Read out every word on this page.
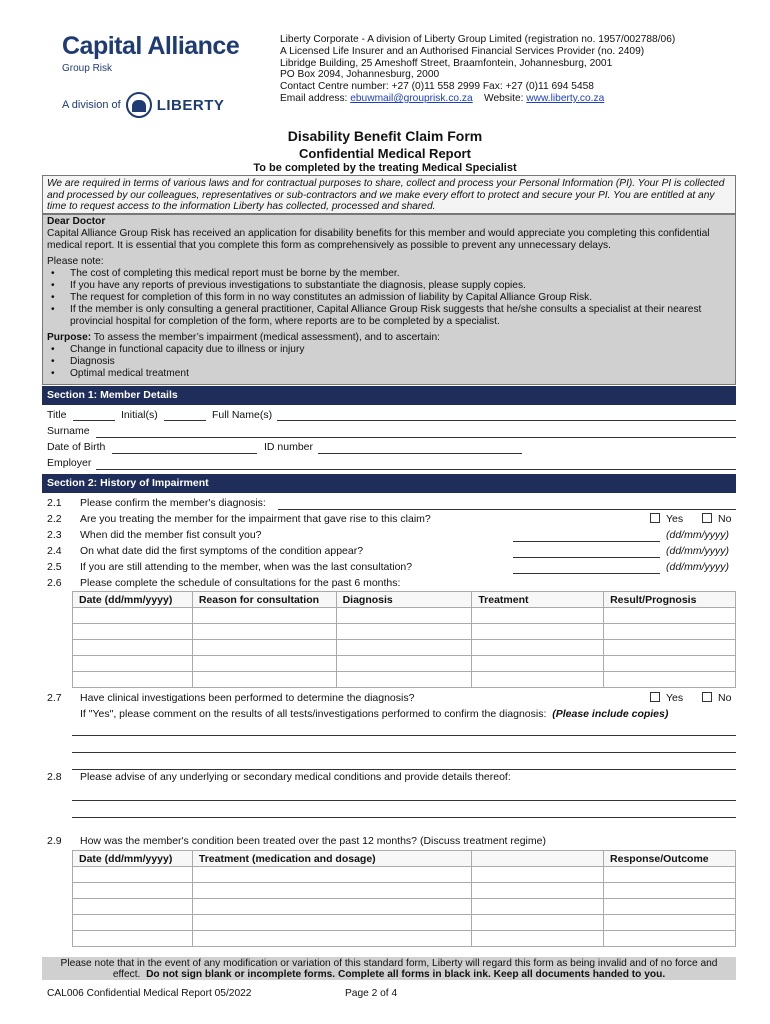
Capital Alliance
Group Risk
A division of LIBERTY
Liberty Corporate - A division of Liberty Group Limited (registration no. 1957/002788/06)
A Licensed Life Insurer and an Authorised Financial Services Provider (no. 2409)
Libridge Building, 25 Ameshoff Street, Braamfontein, Johannesburg, 2001
PO Box 2094, Johannesburg, 2000
Contact Centre number: +27 (0)11 558 2999 Fax: +27 (0)11 694 5458
Email address: ebuwmail@grouprisk.co.za Website: www.liberty.co.za
Disability Benefit Claim Form
Confidential Medical Report
To be completed by the treating Medical Specialist
We are required in terms of various laws and for contractual purposes to share, collect and process your Personal Information (PI). Your PI is collected and processed by our colleagues, representatives or sub-contractors and we make every effort to protect and secure your PI. You are entitled at any time to request access to the information Liberty has collected, processed and shared.
Dear Doctor
Capital Alliance Group Risk has received an application for disability benefits for this member and would appreciate you completing this confidential medical report. It is essential that you complete this form as comprehensively as possible to prevent any unnecessary delays.
Please note:
• The cost of completing this medical report must be borne by the member.
• If you have any reports of previous investigations to substantiate the diagnosis, please supply copies.
• The request for completion of this form in no way constitutes an admission of liability by Capital Alliance Group Risk.
• If the member is only consulting a general practitioner, Capital Alliance Group Risk suggests that he/she consults a specialist at their nearest provincial hospital for completion of the form, where reports are to be completed by a specialist.
Purpose: To assess the member’s impairment (medical assessment), and to ascertain:
• Change in functional capacity due to illness or injury
• Diagnosis
• Optimal medical treatment
Section 1: Member Details
Title	Initial(s)	Full Name(s)
Surname
Date of Birth	ID number
Employer
Section 2: History of Impairment
2.1 Please confirm the member's diagnosis:
2.2 Are you treating the member for the impairment that gave rise to this claim?	Yes	No
2.3 When did the member fist consult you?	(dd/mm/yyyy)
2.4 On what date did the first symptoms of the condition appear?	(dd/mm/yyyy)
2.5 If you are still attending to the member, when was the last consultation?	(dd/mm/yyyy)
2.6 Please complete the schedule of consultations for the past 6 months:
Date (dd/mm/yyyy)	Reason for consultation	Diagnosis	Treatment	Result/Prognosis

2.7 Have clinical investigations been performed to determine the diagnosis?	Yes	No
If "Yes", please comment on the results of all tests/investigations performed to confirm the diagnosis: (Please include copies)
2.8 Please advise of any underlying or secondary medical conditions and provide details thereof:
2.9 How was the member's condition been treated over the past 12 months? (Discuss treatment regime)
Date (dd/mm/yyyy)	Treatment (medication and dosage)		Response/Outcome

Please note that in the event of any modification or variation of this standard form, Liberty will regard this form as being invalid and of no force and effect. Do not sign blank or incomplete forms. Complete all forms in black ink. Keep all documents handed to you.
CAL006 Confidential Medical Report 05/2022	Page 2 of 4
